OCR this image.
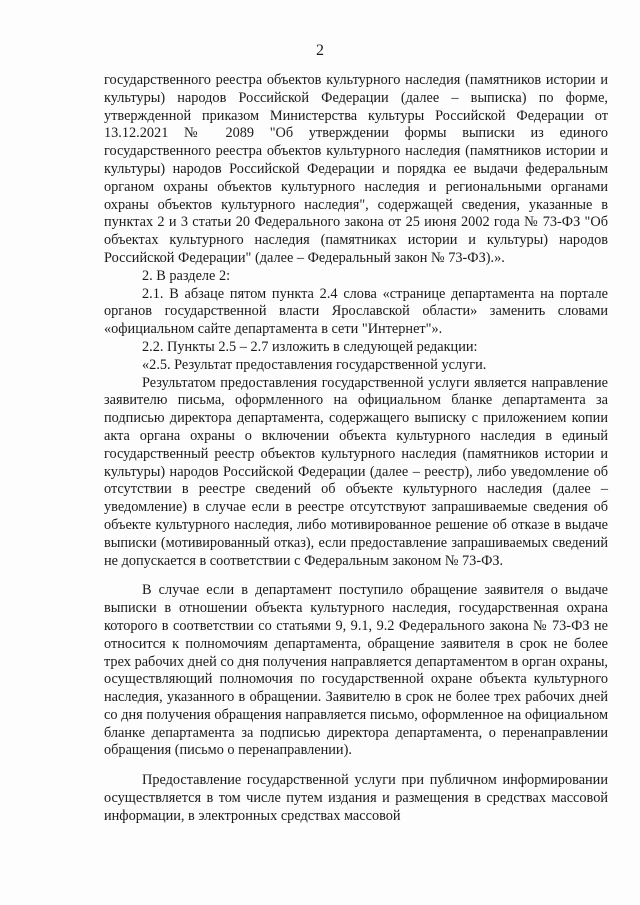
2

государственного реестра объектов культурного наследия (памятников истории и культуры) народов Российской Федерации (далее – выписка) по форме, утвержденной приказом Министерства культуры Российской Федерации от 13.12.2021 № 2089 "Об утверждении формы выписки из единого государственного реестра объектов культурного наследия (памятников истории и культуры) народов Российской Федерации и порядка ее выдачи федеральным органом охраны объектов культурного наследия и региональными органами охраны объектов культурного наследия", содержащей сведения, указанные в пунктах 2 и 3 статьи 20 Федерального закона от 25 июня 2002 года № 73-ФЗ "Об объектах культурного наследия (памятниках истории и культуры) народов Российской Федерации" (далее – Федеральный закон № 73-ФЗ).».

2. В разделе 2:

2.1. В абзаце пятом пункта 2.4 слова «странице департамента на портале органов государственной власти Ярославской области» заменить словами «официальном сайте департамента в сети "Интернет"».

2.2. Пункты 2.5 – 2.7 изложить в следующей редакции:

«2.5. Результат предоставления государственной услуги.

Результатом предоставления государственной услуги является направление заявителю письма, оформленного на официальном бланке департамента за подписью директора департамента, содержащего выписку с приложением копии акта органа охраны о включении объекта культурного наследия в единый государственный реестр объектов культурного наследия (памятников истории и культуры) народов Российской Федерации (далее – реестр), либо уведомление об отсутствии в реестре сведений об объекте культурного наследия (далее – уведомление) в случае если в реестре отсутствуют запрашиваемые сведения об объекте культурного наследия, либо мотивированное решение об отказе в выдаче выписки (мотивированный отказ), если предоставление запрашиваемых сведений не допускается в соответствии с Федеральным законом № 73-ФЗ.

В случае если в департамент поступило обращение заявителя о выдаче выписки в отношении объекта культурного наследия, государственная охрана которого в соответствии со статьями 9, 9.1, 9.2 Федерального закона № 73-ФЗ не относится к полномочиям департамента, обращение заявителя в срок не более трех рабочих дней со дня получения направляется департаментом в орган охраны, осуществляющий полномочия по государственной охране объекта культурного наследия, указанного в обращении. Заявителю в срок не более трех рабочих дней со дня получения обращения направляется письмо, оформленное на официальном бланке департамента за подписью директора департамента, о перенаправлении обращения (письмо о перенаправлении).

Предоставление государственной услуги при публичном информировании осуществляется в том числе путем издания и размещения в средствах массовой информации, в электронных средствах массовой
